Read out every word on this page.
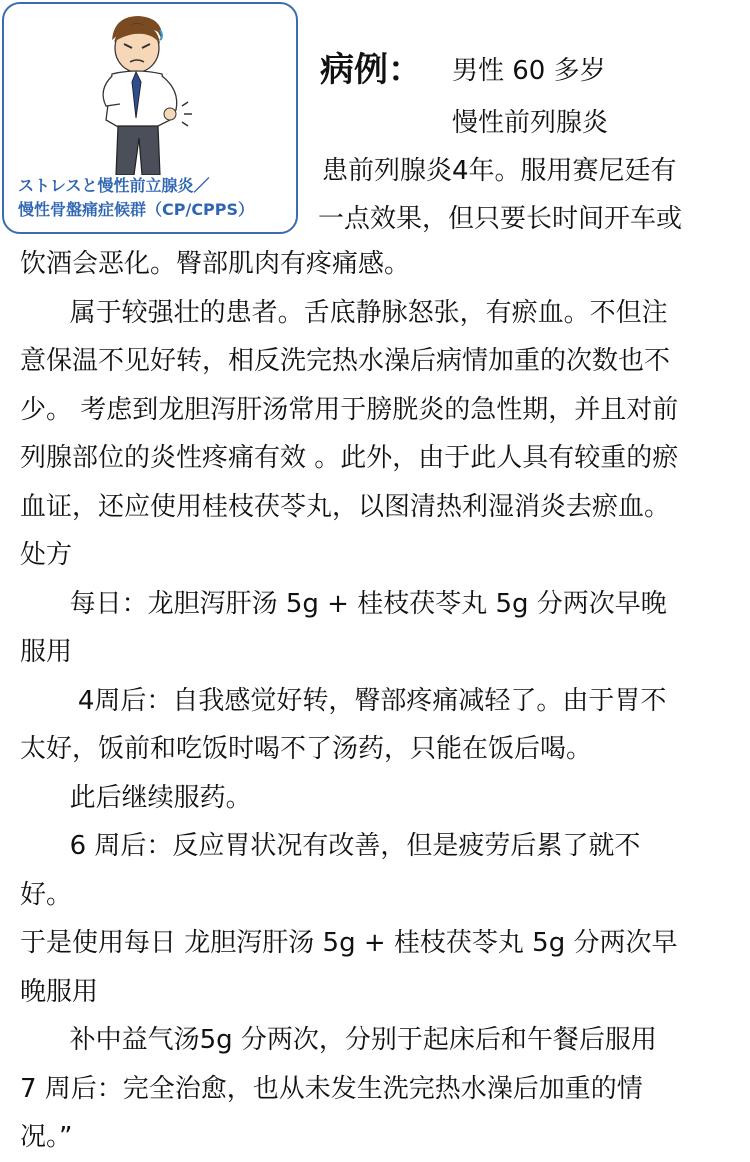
ストレスと慢性前立腺炎／
慢性骨盤痛症候群（CP/CPPS）
病例： 男性 60 多岁
慢性前列腺炎
患前列腺炎4年。服用赛尼廷有
一点效果，但只要长时间开车或

饮酒会恶化。臀部肌肉有疼痛感。

属于较强壮的患者。舌底静脉怒张，有瘀血。不但注

意保温不见好转，相反洗完热水澡后病情加重的次数也不

少。 考虑到龙胆泻肝汤常用于膀胱炎的急性期，并且对前

列腺部位的炎性疼痛有效 。此外，由于此人具有较重的瘀

血证，还应使用桂枝茯苓丸，以图清热利湿消炎去瘀血。

处方

每日：龙胆泻肝汤 5g + 桂枝茯苓丸 5g 分两次早晚

服用

4周后：自我感觉好转，臀部疼痛减轻了。由于胃不

太好，饭前和吃饭时喝不了汤药，只能在饭后喝。

此后继续服药。

6 周后：反应胃状况有改善，但是疲劳后累了就不

好。

于是使用每日 龙胆泻肝汤 5g + 桂枝茯苓丸 5g 分两次早

晚服用

补中益气汤5g 分两次，分别于起床后和午餐后服用

7 周后：完全治愈，也从未发生洗完热水澡后加重的情

况。”
